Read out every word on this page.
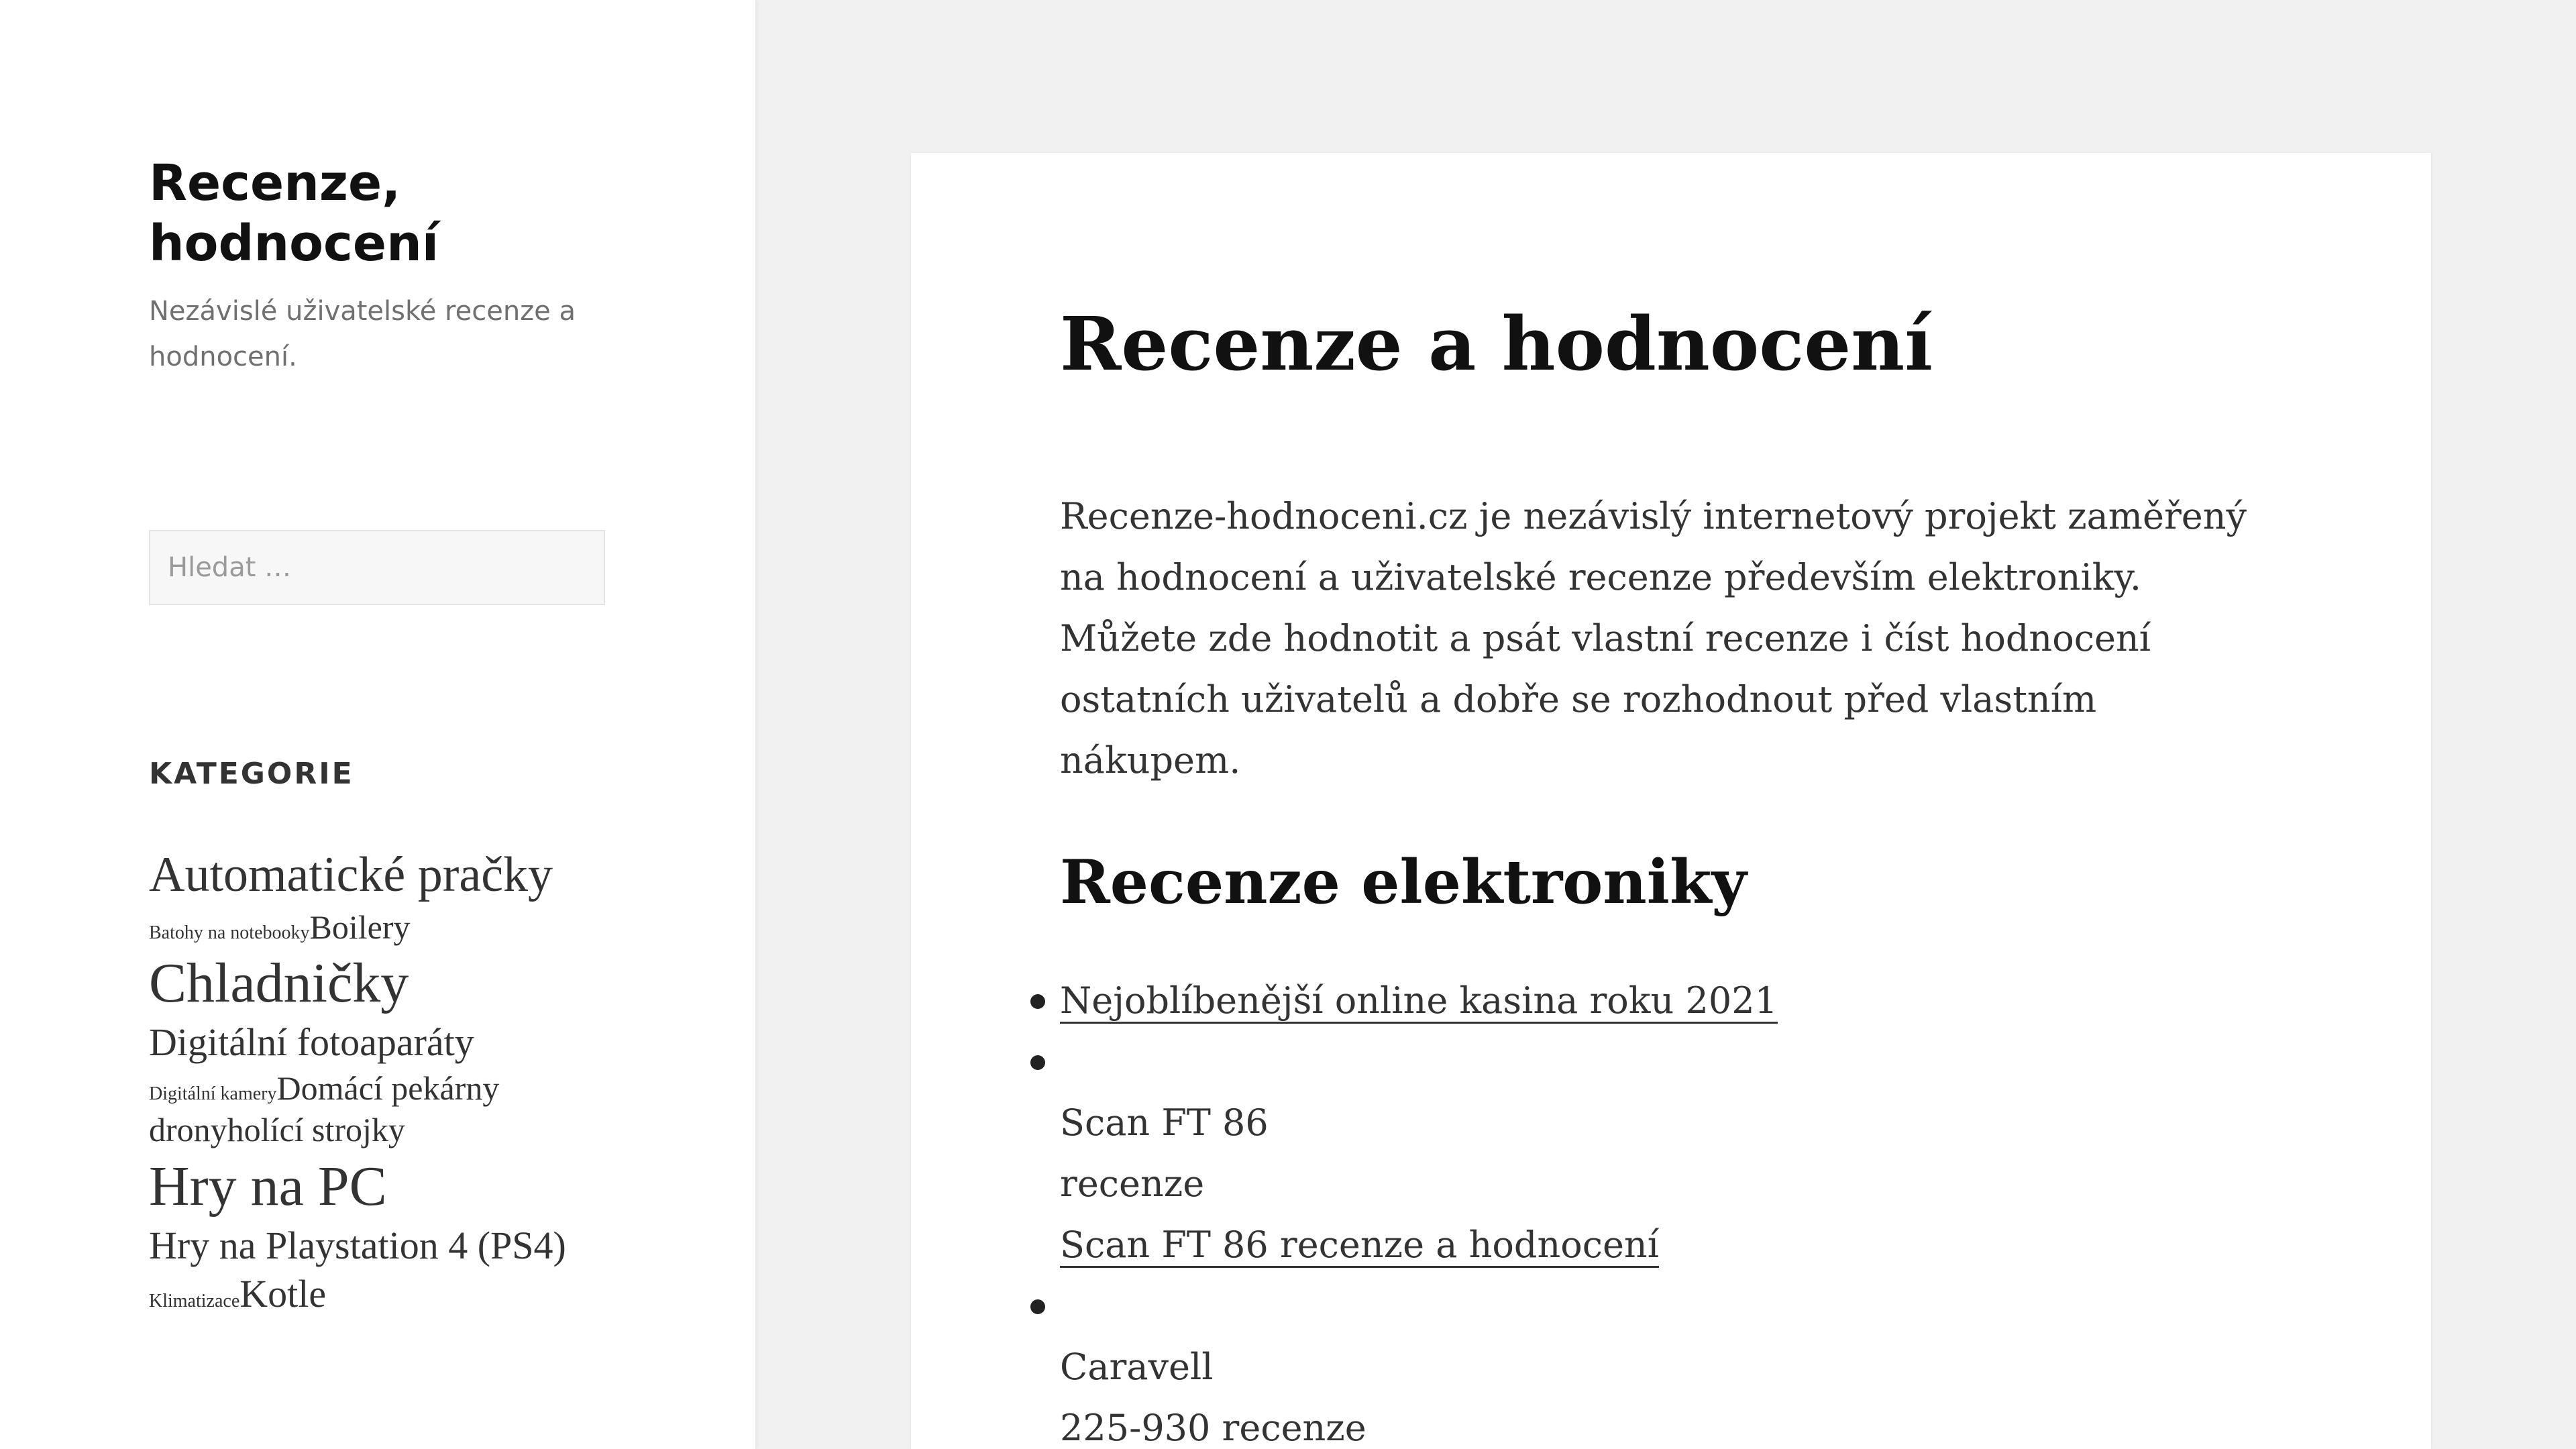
Recenze, hodnocení

Nezávislé uživatelské recenze a hodnocení.

Hledat …
KATEGORIE
Automatické pračky
Batohy na notebookyBoilery
Chladničky
Digitální fotoaparáty
Digitální kameryDomácí pekárny
dronyholící strojky
Hry na PC
Hry na Playstation 4 (PS4)
KlimatizaceKotle
Recenze a hodnocení

Recenze-hodnoceni.cz je nezávislý internetový projekt zaměřený na hodnocení a uživatelské recenze především elektroniky. Můžete zde hodnotit a psát vlastní recenze i číst hodnocení ostatních uživatelů a dobře se rozhodnout před vlastním nákupem.

Recenze elektroniky
Nejoblíbenější online kasina roku 2021
Scan FT 86
recenze
Scan FT 86 recenze a hodnocení
Caravell
225-930 recenze
